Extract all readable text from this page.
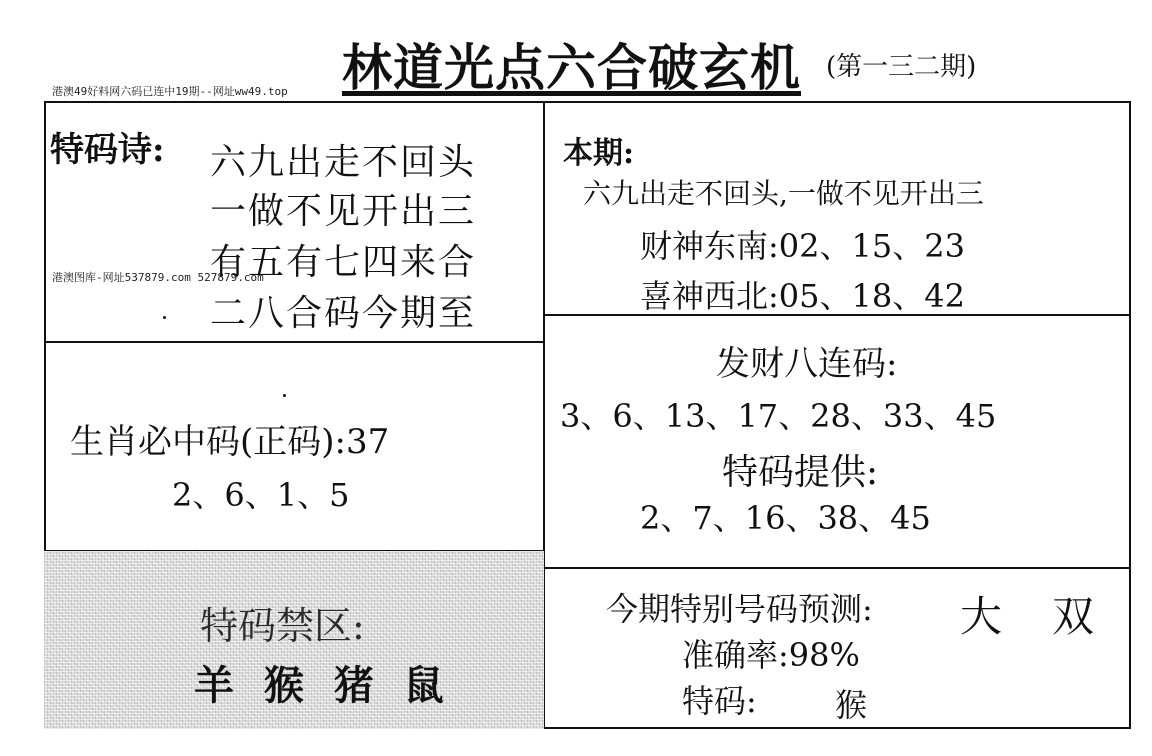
林道光点六合破玄机 (第一三二期)
港澳49好料网六码已连中19期--网址ww49.top
特码诗: 六九出走不回头
一做不见开出三
有五有七四来合
二八合码今期至
港澳图库-网址537879.com 527879.com
本期:
六九出走不回头,一做不见开出三
财神东南:02、15、23
喜神西北:05、18、42
生肖必中码(正码):37
2、6、1、5
发财八连码:
3、6、13、17、28、33、45
特码提供:
2、7、16、38、45
特码禁区:
羊 猴 猪 鼠
今期特别号码预测: 大 双
准确率:98%
特码: 猴
